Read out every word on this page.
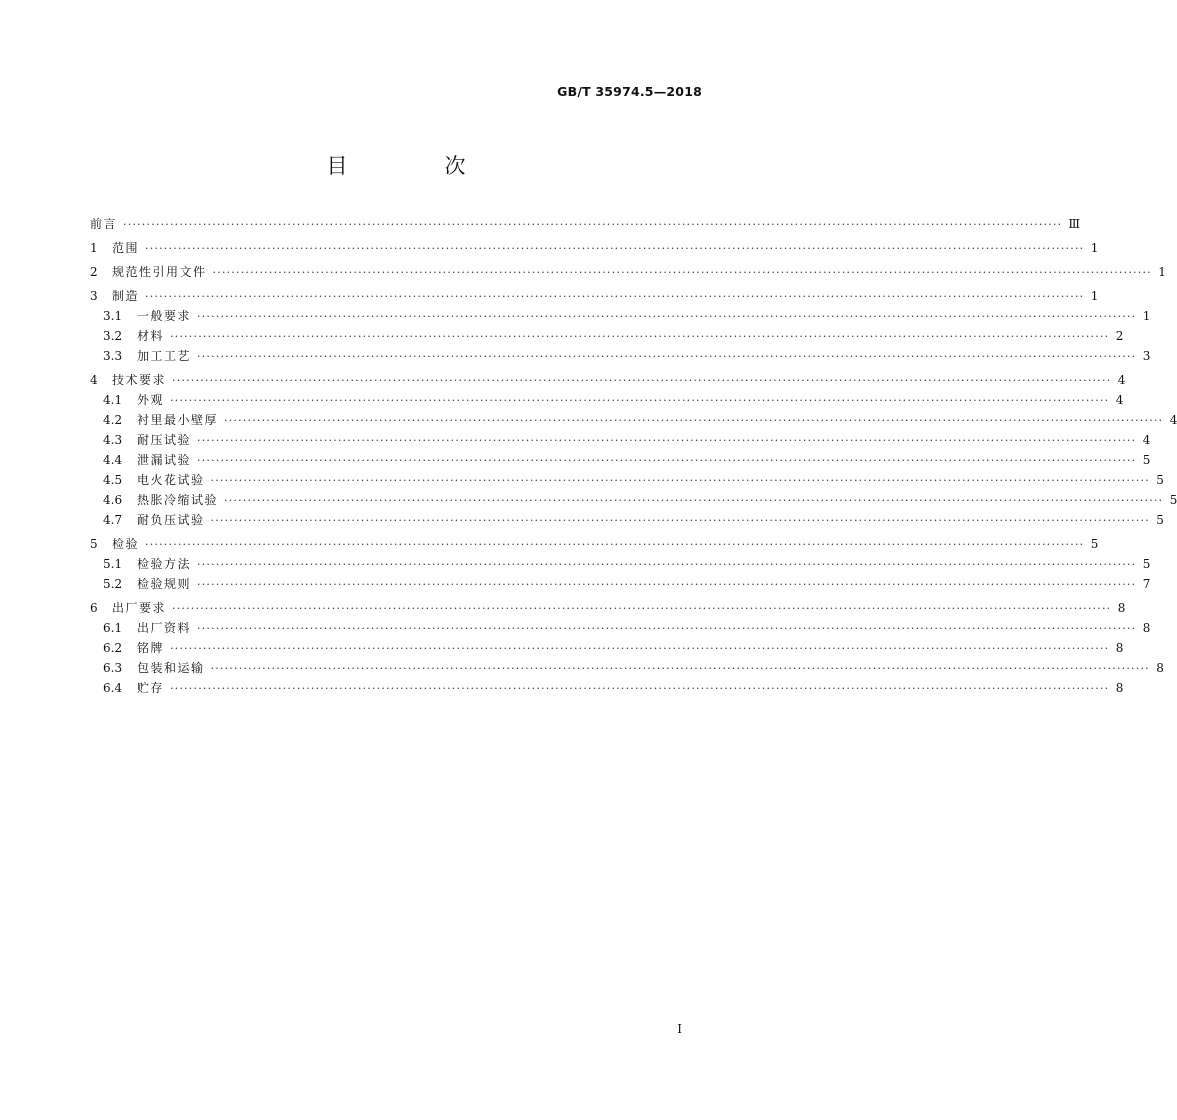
GB/T 35974.5—2018
目　次
前言 ········································································································································································································ Ⅲ
1	范围 ········································································································································································································ 1
2	规范性引用文件 ········································································································································································································ 1
3	制造 ········································································································································································································ 1
3.1	一般要求 ········································································································································································································ 1
3.2	材料 ········································································································································································································ 2
3.3	加工工艺 ········································································································································································································ 3
4	技术要求 ········································································································································································································ 4
4.1	外观 ········································································································································································································ 4
4.2	衬里最小壁厚 ········································································································································································································ 4
4.3	耐压试验 ········································································································································································································ 4
4.4	泄漏试验 ········································································································································································································ 5
4.5	电火花试验 ········································································································································································································ 5
4.6	热胀冷缩试验 ········································································································································································································ 5
4.7	耐负压试验 ········································································································································································································ 5
5	检验 ········································································································································································································ 5
5.1	检验方法 ········································································································································································································ 5
5.2	检验规则 ········································································································································································································ 7
6	出厂要求 ········································································································································································································ 8
6.1	出厂资料 ········································································································································································································ 8
6.2	铭牌 ········································································································································································································ 8
6.3	包装和运输 ········································································································································································································ 8
6.4	贮存 ········································································································································································································ 8
I
